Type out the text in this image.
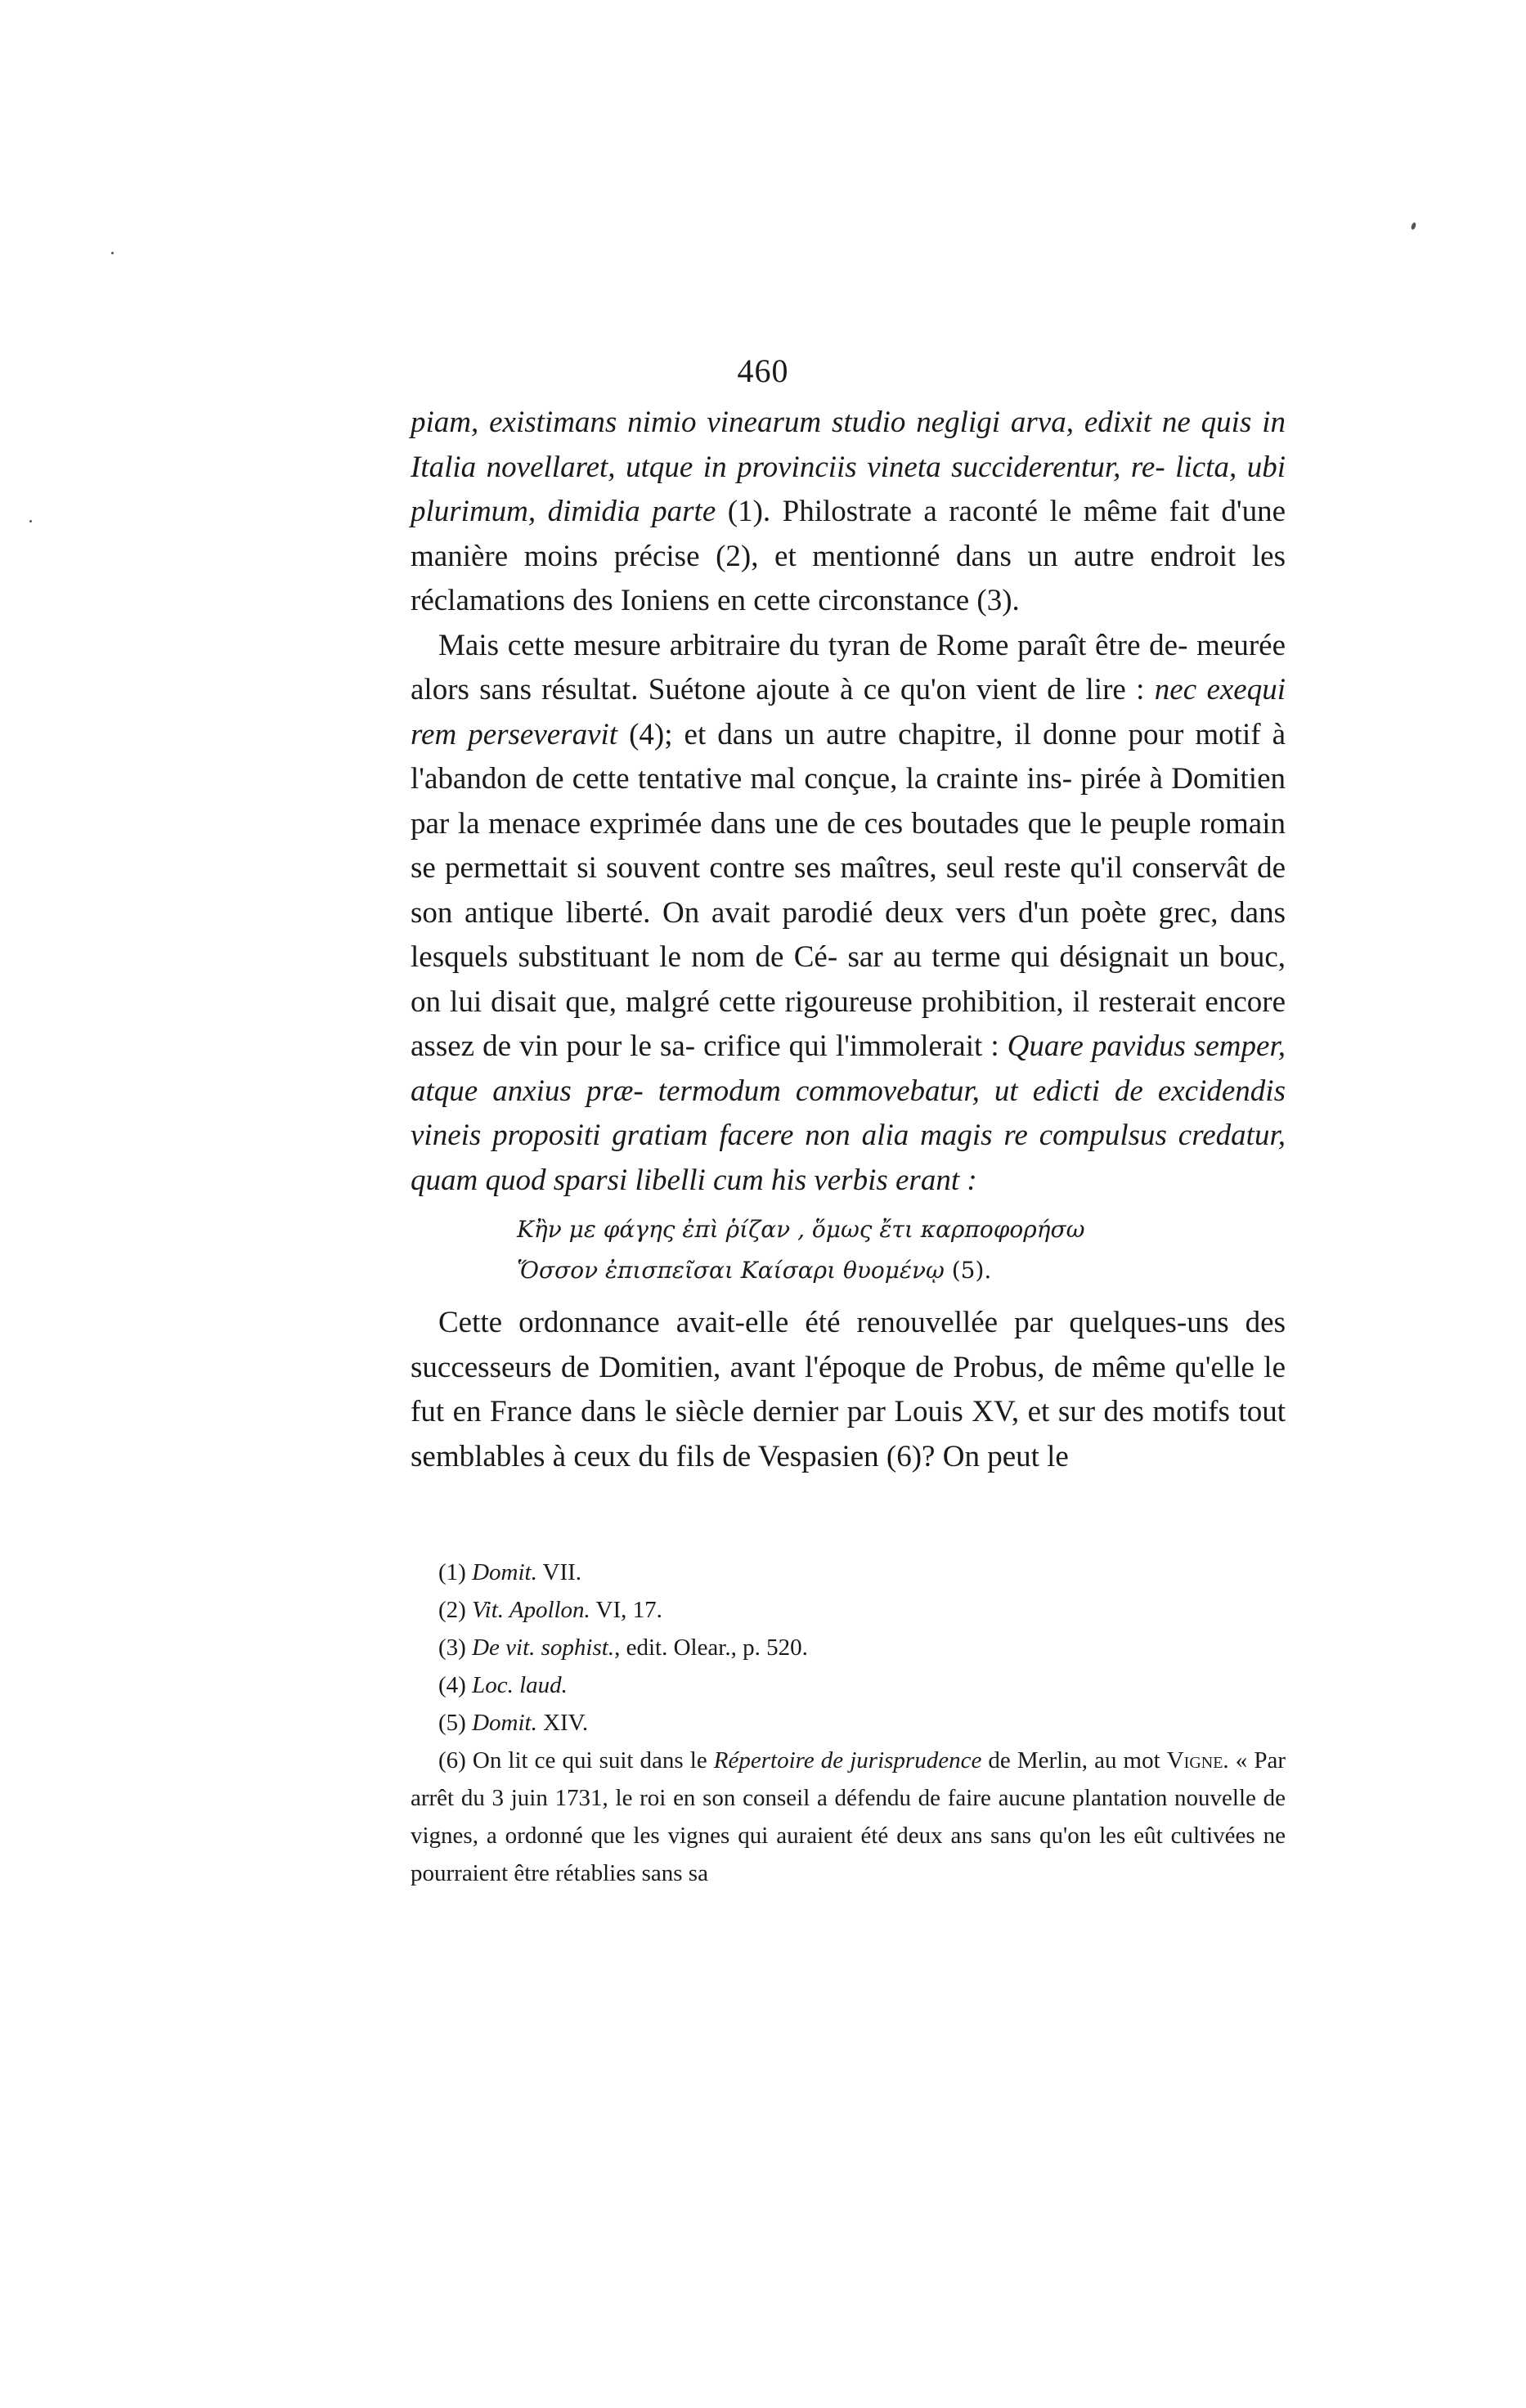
460

piam, existimans nimio vinearum studio negligi arva, edixit ne quis in Italia novellaret, utque in provinciis vineta succiderentur, re- licta, ubi plurimum, dimidia parte (1). Philostrate a raconté le même fait d'une manière moins précise (2), et mentionné dans un autre endroit les réclamations des Ioniens en cette circonstance (3).

Mais cette mesure arbitraire du tyran de Rome paraît être de- meurée alors sans résultat. Suétone ajoute à ce qu'on vient de lire : nec exequi rem perseveravit (4); et dans un autre chapitre, il donne pour motif à l'abandon de cette tentative mal conçue, la crainte ins- pirée à Domitien par la menace exprimée dans une de ces boutades que le peuple romain se permettait si souvent contre ses maîtres, seul reste qu'il conservât de son antique liberté. On avait parodié deux vers d'un poète grec, dans lesquels substituant le nom de Cé- sar au terme qui désignait un bouc, on lui disait que, malgré cette rigoureuse prohibition, il resterait encore assez de vin pour le sa- crifice qui l'immolerait : Quare pavidus semper, atque anxius præ- termodum commovebatur, ut edicti de excidendis vineis propositi gratiam facere non alia magis re compulsus credatur, quam quod sparsi libelli cum his verbis erant :

Κἢν με φάγης ἐπὶ ῥίζαν , ὅμως ἔτι καρποφορήσω
Ὅσσον ἐπισπεῖσαι Καίσαρι θυομένῳ (5).

Cette ordonnance avait-elle été renouvellée par quelques-uns des successeurs de Domitien, avant l'époque de Probus, de même qu'elle le fut en France dans le siècle dernier par Louis XV, et sur des motifs tout semblables à ceux du fils de Vespasien (6)? On peut le

(1) Domit. VII.

(2) Vit. Apollon. VI, 17.

(3) De vit. sophist., edit. Olear., p. 520.

(4) Loc. laud.

(5) Domit. XIV.

(6) On lit ce qui suit dans le Répertoire de jurisprudence de Merlin, au mot Vigne. « Par arrêt du 3 juin 1731, le roi en son conseil a défendu de faire aucune plantation nouvelle de vignes, a ordonné que les vignes qui auraient été deux ans sans qu'on les eût cultivées ne pourraient être rétablies sans sa
